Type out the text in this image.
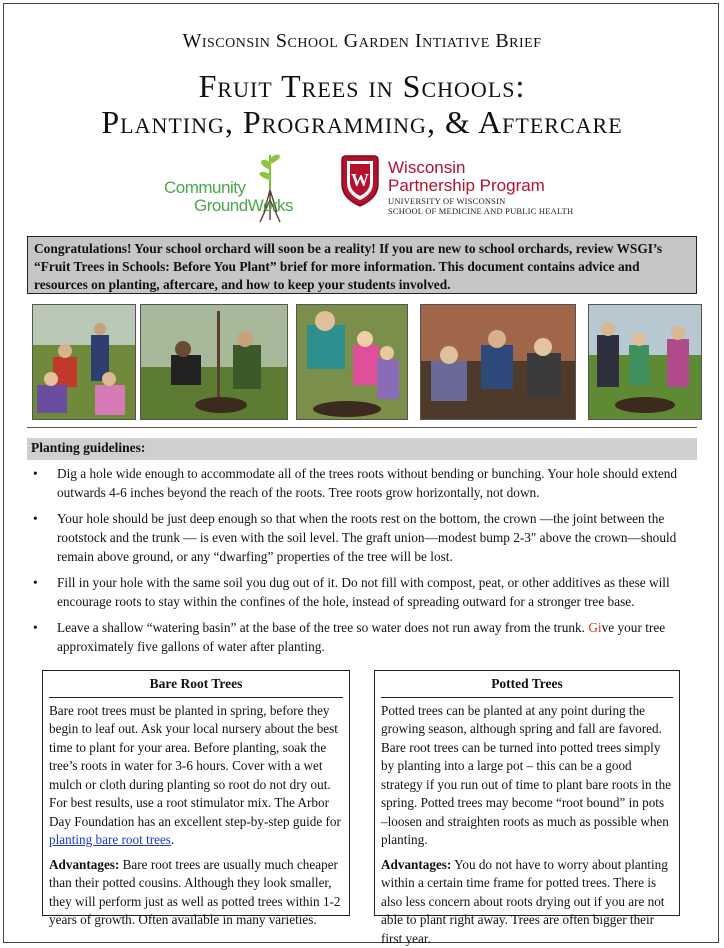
Wisconsin School Garden Intiative Brief
Fruit Trees in Schools:
Planting, Programming, & Aftercare
Community
GroundWorks
W
Wisconsin
Partnership Program
UNIVERSITY OF WISCONSIN
SCHOOL OF MEDICINE AND PUBLIC HEALTH
Congratulations! Your school orchard will soon be a reality! If you are new to school orchards, review WSGI’s “Fruit Trees in Schools: Before You Plant” brief for more information. This document contains advice and resources on planting, aftercare, and how to keep your students involved.
Planting guidelines:
• Dig a hole wide enough to accommodate all of the trees roots without bending or bunching. Your hole should extend outwards 4-6 inches beyond the reach of the roots. Tree roots grow horizontally, not down.
• Your hole should be just deep enough so that when the roots rest on the bottom, the crown —the joint between the rootstock and the trunk — is even with the soil level. The graft union—modest bump 2-3" above the crown—should remain above ground, or any “dwarfing” properties of the tree will be lost.
• Fill in your hole with the same soil you dug out of it. Do not fill with compost, peat, or other additives as these will encourage roots to stay within the confines of the hole, instead of spreading outward for a stronger tree base.
• Leave a shallow “watering basin” at the base of the tree so water does not run away from the trunk. Give your tree approximately five gallons of water after planting.
Bare Root Trees

Bare root trees must be planted in spring, before they begin to leaf out. Ask your local nursery about the best time to plant for your area. Before planting, soak the tree’s roots in water for 3-6 hours. Cover with a wet mulch or cloth during planting so root do not dry out. For best results, use a root stimulator mix. The Arbor Day Foundation has an excellent step-by-step guide for planting bare root trees.

Advantages: Bare root trees are usually much cheaper than their potted cousins. Although they look smaller, they will perform just as well as potted trees within 1-2 years of growth. Often available in many varieties.

Potted Trees

Potted trees can be planted at any point during the growing season, although spring and fall are favored. Bare root trees can be turned into potted trees simply by planting into a large pot – this can be a good strategy if you run out of time to plant bare roots in the spring. Potted trees may become “root bound” in pots –loosen and straighten roots as much as possible when planting.

Advantages: You do not have to worry about planting within a certain time frame for potted trees. There is also less concern about roots drying out if you are not able to plant right away. Trees are often bigger their first year.
